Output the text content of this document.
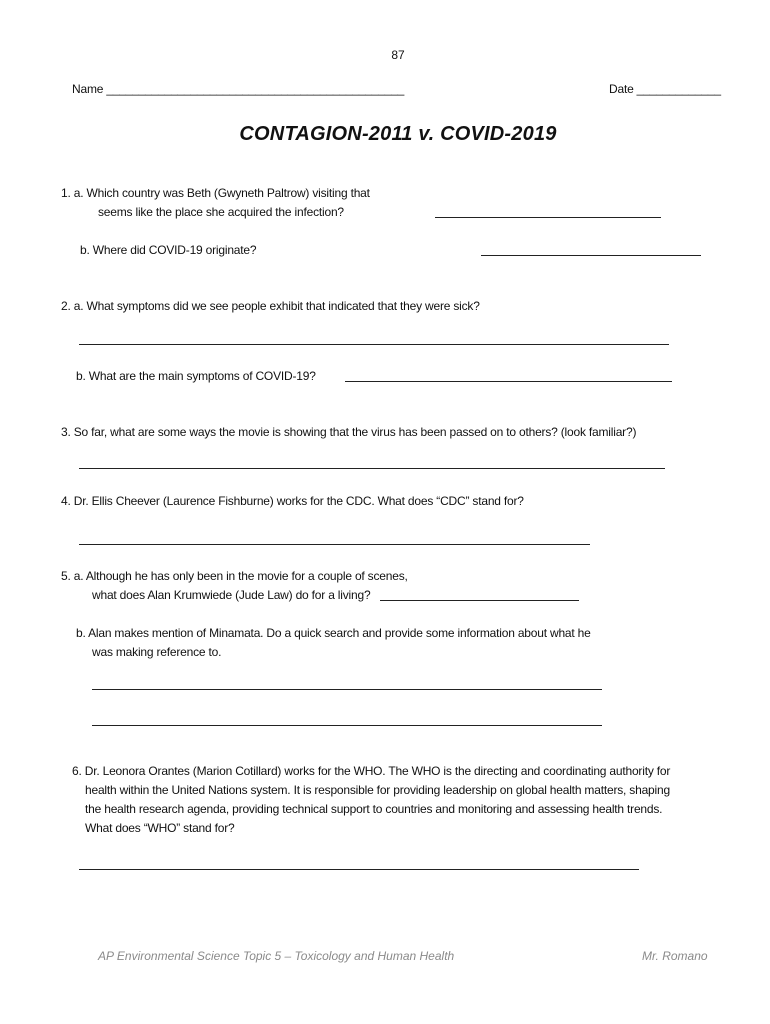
87
Name ______________________________________________	Date _____________
CONTAGION-2011 v. COVID-2019
1. a. Which country was Beth (Gwyneth Paltrow) visiting that
seems like the place she acquired the infection?
b. Where did COVID-19 originate?
2. a. What symptoms did we see people exhibit that indicated that they were sick?
b. What are the main symptoms of COVID-19?
3. So far, what are some ways the movie is showing that the virus has been passed on to others? (look familiar?)
4. Dr. Ellis Cheever (Laurence Fishburne) works for the CDC. What does “CDC” stand for?
5. a. Although he has only been in the movie for a couple of scenes,
what does Alan Krumwiede (Jude Law) do for a living?
b. Alan makes mention of Minamata. Do a quick search and provide some information about what he
was making reference to.
6. Dr. Leonora Orantes (Marion Cotillard) works for the WHO. The WHO is the directing and coordinating authority for
health within the United Nations system. It is responsible for providing leadership on global health matters, shaping
the health research agenda, providing technical support to countries and monitoring and assessing health trends.
What does “WHO” stand for?
AP Environmental Science Topic 5 – Toxicology and Human Health	Mr. Romano
